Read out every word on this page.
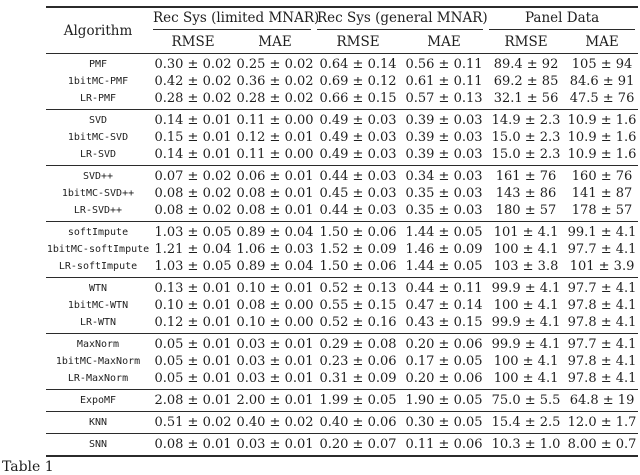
Algorithm	Rec Sys (limited MNAR)		Rec Sys (general MNAR)		Panel Data	

	RMSE	MAE	RMSE	MAE	RMSE	MAE
PMF	0.30 ± 0.02	0.25 ± 0.02	0.64 ± 0.14	0.56 ± 0.11	89.4 ± 92	105 ± 94
1bitMC-PMF	0.42 ± 0.02	0.36 ± 0.02	0.69 ± 0.12	0.61 ± 0.11	69.2 ± 85	84.6 ± 91
LR-PMF	0.28 ± 0.02	0.28 ± 0.02	0.66 ± 0.15	0.57 ± 0.13	32.1 ± 56	47.5 ± 76
SVD	0.14 ± 0.01	0.11 ± 0.00	0.49 ± 0.03	0.39 ± 0.03	14.9 ± 2.3	10.9 ± 1.6
1bitMC-SVD	0.15 ± 0.01	0.12 ± 0.01	0.49 ± 0.03	0.39 ± 0.03	15.0 ± 2.3	10.9 ± 1.6
LR-SVD	0.14 ± 0.01	0.11 ± 0.00	0.49 ± 0.03	0.39 ± 0.03	15.0 ± 2.3	10.9 ± 1.6
SVD++	0.07 ± 0.02	0.06 ± 0.01	0.44 ± 0.03	0.34 ± 0.03	161 ± 76	160 ± 76
1bitMC-SVD++	0.08 ± 0.02	0.08 ± 0.01	0.45 ± 0.03	0.35 ± 0.03	143 ± 86	141 ± 87
LR-SVD++	0.08 ± 0.02	0.08 ± 0.01	0.44 ± 0.03	0.35 ± 0.03	180 ± 57	178 ± 57
softImpute	1.03 ± 0.05	0.89 ± 0.04	1.50 ± 0.06	1.44 ± 0.05	101 ± 4.1	99.1 ± 4.1
1bitMC-softImpute	1.21 ± 0.04	1.06 ± 0.03	1.52 ± 0.09	1.46 ± 0.09	100 ± 4.1	97.7 ± 4.1
LR-softImpute	1.03 ± 0.05	0.89 ± 0.04	1.50 ± 0.06	1.44 ± 0.05	103 ± 3.8	101 ± 3.9
WTN	0.13 ± 0.01	0.10 ± 0.01	0.52 ± 0.13	0.44 ± 0.11	99.9 ± 4.1	97.7 ± 4.1
1bitMC-WTN	0.10 ± 0.01	0.08 ± 0.00	0.55 ± 0.15	0.47 ± 0.14	100 ± 4.1	97.8 ± 4.1
LR-WTN	0.12 ± 0.01	0.10 ± 0.00	0.52 ± 0.16	0.43 ± 0.15	99.9 ± 4.1	97.8 ± 4.1
MaxNorm	0.05 ± 0.01	0.03 ± 0.01	0.29 ± 0.08	0.20 ± 0.06	99.9 ± 4.1	97.7 ± 4.1
1bitMC-MaxNorm	0.05 ± 0.01	0.03 ± 0.01	0.23 ± 0.06	0.17 ± 0.05	100 ± 4.1	97.8 ± 4.1
LR-MaxNorm	0.05 ± 0.01	0.03 ± 0.01	0.31 ± 0.09	0.20 ± 0.06	100 ± 4.1	97.8 ± 4.1
ExpoMF	2.08 ± 0.01	2.00 ± 0.01	1.99 ± 0.05	1.90 ± 0.05	75.0 ± 5.5	64.8 ± 19
KNN	0.51 ± 0.02	0.40 ± 0.02	0.40 ± 0.06	0.30 ± 0.05	15.4 ± 2.5	12.0 ± 1.7
SNN	0.08 ± 0.01	0.03 ± 0.01	0.20 ± 0.07	0.11 ± 0.06	10.3 ± 1.0	8.00 ± 0.7
Table 1
